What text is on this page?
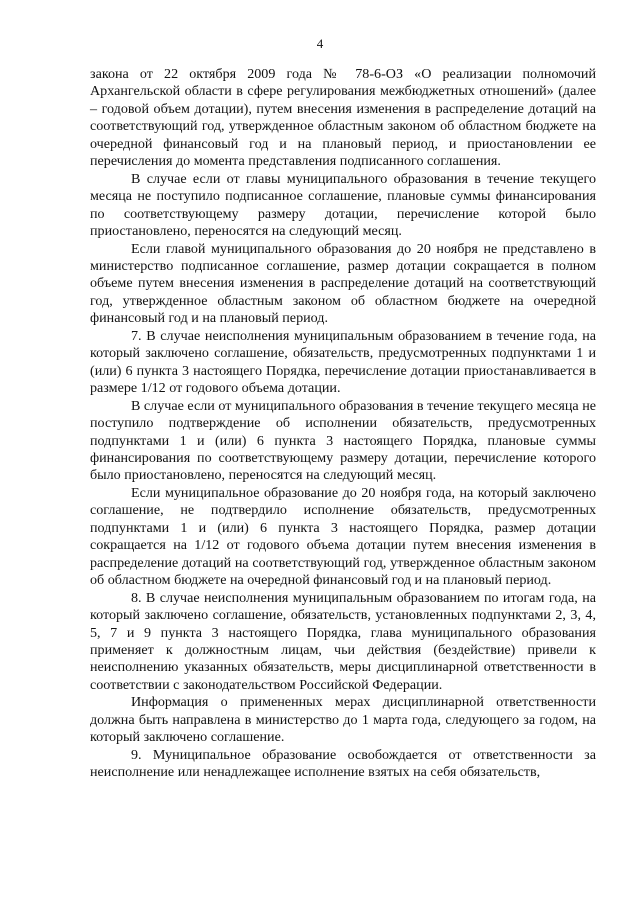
4

закона от 22 октября 2009 года № 78-6-ОЗ «О реализации полномочий Архангельской области в сфере регулирования межбюджетных отношений» (далее – годовой объем дотации), путем внесения изменения в распределение дотаций на соответствующий год, утвержденное областным законом об областном бюджете на очередной финансовый год и на плановый период, и приостановлении ее перечисления до момента представления подписанного соглашения.

В случае если от главы муниципального образования в течение текущего месяца не поступило подписанное соглашение, плановые суммы финансирования по соответствующему размеру дотации, перечисление которой было приостановлено, переносятся на следующий месяц.

Если главой муниципального образования до 20 ноября не представлено в министерство подписанное соглашение, размер дотации сокращается в полном объеме путем внесения изменения в распределение дотаций на соответствующий год, утвержденное областным законом об областном бюджете на очередной финансовый год и на плановый период.

7. В случае неисполнения муниципальным образованием в течение года, на который заключено соглашение, обязательств, предусмотренных подпунктами 1 и (или) 6 пункта 3 настоящего Порядка, перечисление дотации приостанавливается в размере 1/12 от годового объема дотации.

В случае если от муниципального образования в течение текущего месяца не поступило подтверждение об исполнении обязательств, предусмотренных подпунктами 1 и (или) 6 пункта 3 настоящего Порядка, плановые суммы финансирования по соответствующему размеру дотации, перечисление которого было приостановлено, переносятся на следующий месяц.

Если муниципальное образование до 20 ноября года, на который заключено соглашение, не подтвердило исполнение обязательств, предусмотренных подпунктами 1 и (или) 6 пункта 3 настоящего Порядка, размер дотации сокращается на 1/12 от годового объема дотации путем внесения изменения в распределение дотаций на соответствующий год, утвержденное областным законом об областном бюджете на очередной финансовый год и на плановый период.

8. В случае неисполнения муниципальным образованием по итогам года, на который заключено соглашение, обязательств, установленных подпунктами 2, 3, 4, 5, 7 и 9 пункта 3 настоящего Порядка, глава муниципального образования применяет к должностным лицам, чьи действия (бездействие) привели к неисполнению указанных обязательств, меры дисциплинарной ответственности в соответствии с законодательством Российской Федерации.

Информация о примененных мерах дисциплинарной ответственности должна быть направлена в министерство до 1 марта года, следующего за годом, на который заключено соглашение.

9. Муниципальное образование освобождается от ответственности за неисполнение или ненадлежащее исполнение взятых на себя обязательств,
